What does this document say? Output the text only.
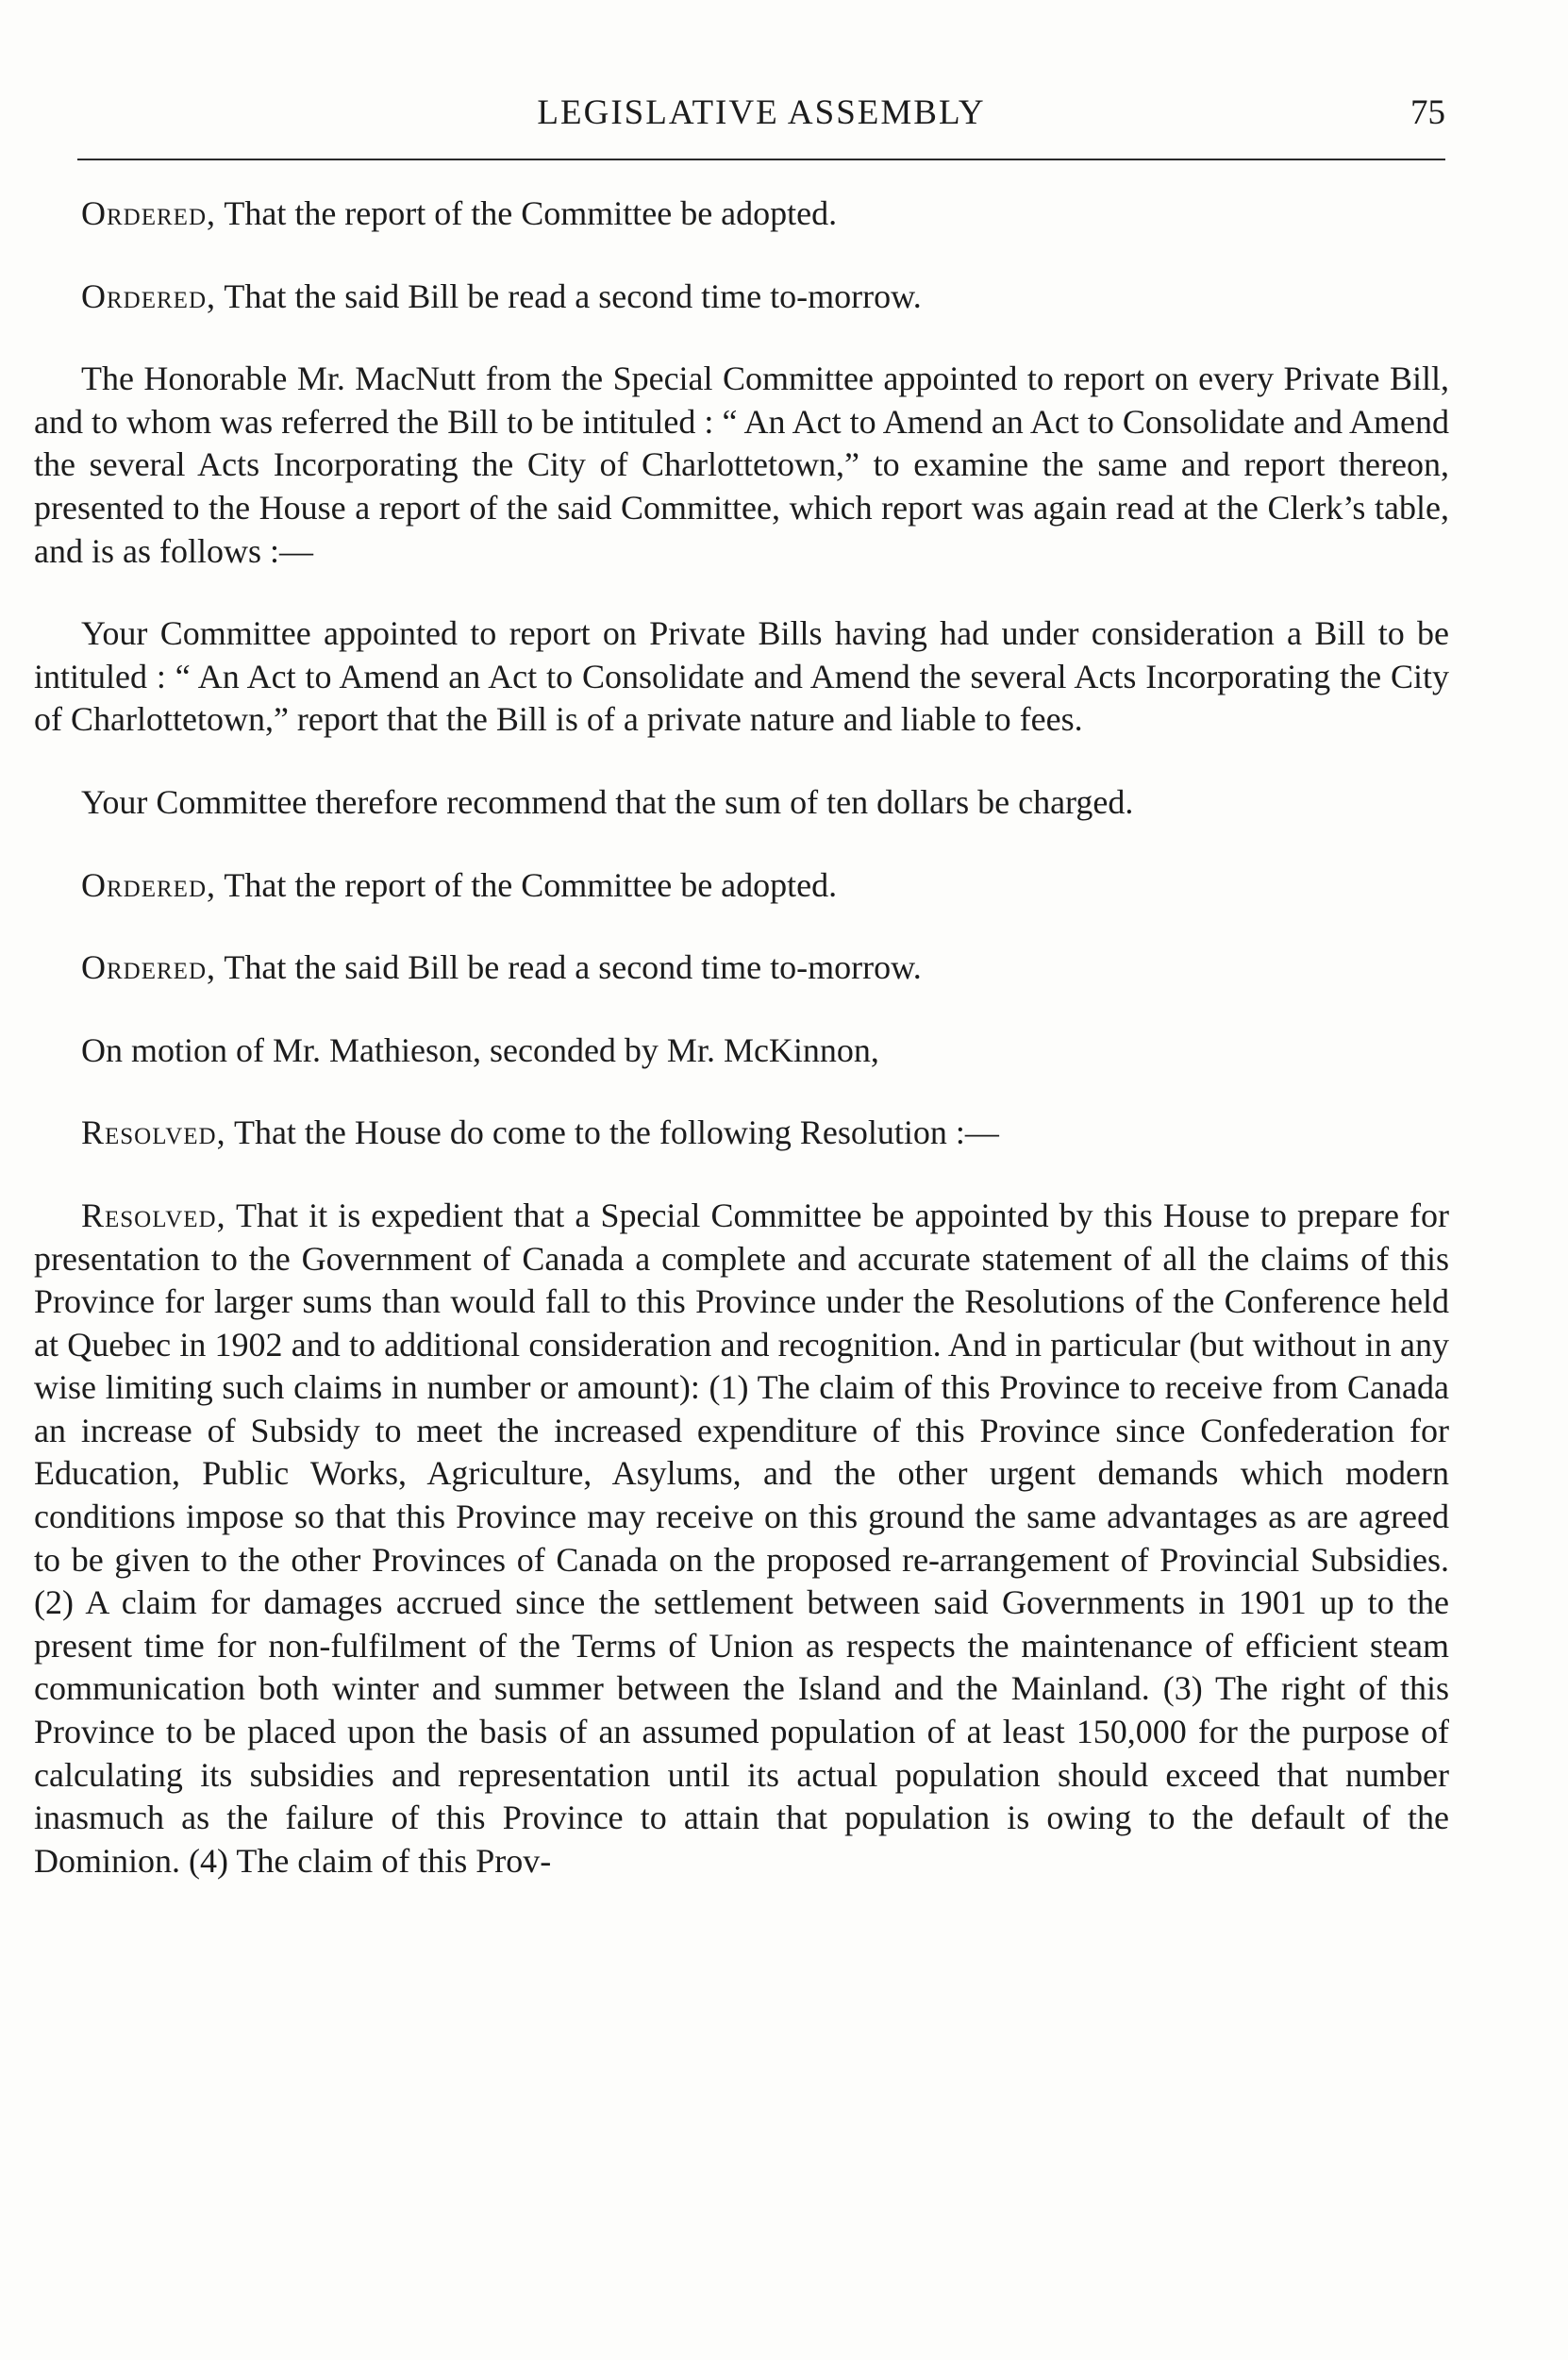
LEGISLATIVE ASSEMBLY	75

Ordered, That the report of the Committee be adopted.

Ordered, That the said Bill be read a second time to-morrow.

The Honorable Mr. MacNutt from the Special Committee appointed to report on every Private Bill, and to whom was referred the Bill to be intituled : “ An Act to Amend an Act to Consolidate and Amend the several Acts Incorporating the City of Charlottetown,” to examine the same and report thereon, presented to the House a report of the said Committee, which report was again read at the Clerk’s table, and is as follows :—

Your Committee appointed to report on Private Bills having had under consideration a Bill to be intituled : “ An Act to Amend an Act to Consolidate and Amend the several Acts Incorporating the City of Charlottetown,” report that the Bill is of a private nature and liable to fees.

Your Committee therefore recommend that the sum of ten dollars be charged.

Ordered, That the report of the Committee be adopted.

Ordered, That the said Bill be read a second time to-morrow.

On motion of Mr. Mathieson, seconded by Mr. McKinnon,

Resolved, That the House do come to the following Resolution :—

Resolved, That it is expedient that a Special Committee be appointed by this House to prepare for presentation to the Government of Canada a complete and accurate statement of all the claims of this Province for larger sums than would fall to this Province under the Resolutions of the Conference held at Quebec in 1902 and to additional consideration and recognition. And in particular (but without in any wise limiting such claims in number or amount): (1) The claim of this Province to receive from Canada an increase of Subsidy to meet the increased expenditure of this Province since Confederation for Education, Public Works, Agriculture, Asylums, and the other urgent demands which modern conditions impose so that this Province may receive on this ground the same advantages as are agreed to be given to the other Provinces of Canada on the proposed re-arrangement of Provincial Subsidies. (2) A claim for damages accrued since the settlement between said Governments in 1901 up to the present time for non-fulfilment of the Terms of Union as respects the maintenance of efficient steam communication both winter and summer between the Island and the Mainland. (3) The right of this Province to be placed upon the basis of an assumed population of at least 150,000 for the purpose of calculating its subsidies and representation until its actual population should exceed that number inasmuch as the failure of this Province to attain that population is owing to the default of the Dominion. (4) The claim of this Prov-
